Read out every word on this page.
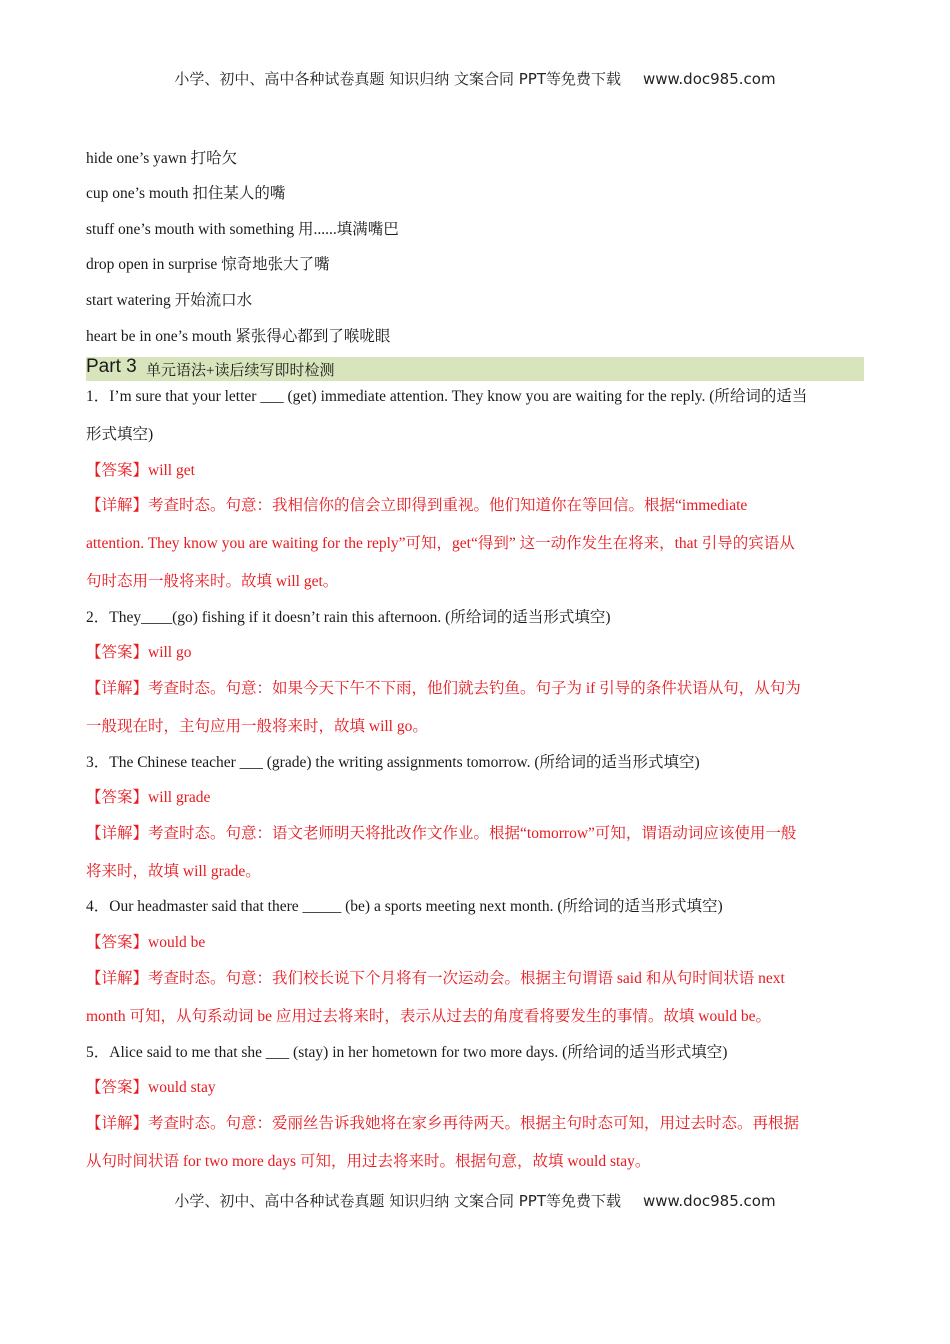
小学、初中、高中各种试卷真题 知识归纳 文案合同 PPT等免费下载 www.doc985.com
hide one’s yawn 打哈欠
cup one’s mouth 扣住某人的嘴
stuff one’s mouth with something 用......填满嘴巴
drop open in surprise 惊奇地张大了嘴
start watering 开始流口水
heart be in one’s mouth 紧张得心都到了喉咙眼
Part 3 单元语法+读后续写即时检测
1．I’m sure that your letter ___ (get) immediate attention. They know you are waiting for the reply. (所给词的适当
形式填空)
【答案】will get
【详解】考查时态。句意：我相信你的信会立即得到重视。他们知道你在等回信。根据“immediate
attention. They know you are waiting for the reply”可知，get“得到” 这一动作发生在将来，that 引导的宾语从
句时态用一般将来时。故填 will get。
2．They____(go) fishing if it doesn’t rain this afternoon. (所给词的适当形式填空)
【答案】will go
【详解】考查时态。句意：如果今天下午不下雨，他们就去钓鱼。句子为 if 引导的条件状语从句，从句为
一般现在时，主句应用一般将来时，故填 will go。
3．The Chinese teacher ___ (grade) the writing assignments tomorrow. (所给词的适当形式填空)
【答案】will grade
【详解】考查时态。句意：语文老师明天将批改作文作业。根据“tomorrow”可知，谓语动词应该使用一般
将来时，故填 will grade。
4．Our headmaster said that there _____ (be) a sports meeting next month. (所给词的适当形式填空)
【答案】would be
【详解】考查时态。句意：我们校长说下个月将有一次运动会。根据主句谓语 said 和从句时间状语 next
month 可知，从句系动词 be 应用过去将来时，表示从过去的角度看将要发生的事情。故填 would be。
5．Alice said to me that she ___ (stay) in her hometown for two more days. (所给词的适当形式填空)
【答案】would stay
【详解】考查时态。句意：爱丽丝告诉我她将在家乡再待两天。根据主句时态可知，用过去时态。再根据
从句时间状语 for two more days 可知，用过去将来时。根据句意，故填 would stay。
小学、初中、高中各种试卷真题 知识归纳 文案合同 PPT等免费下载 www.doc985.com
